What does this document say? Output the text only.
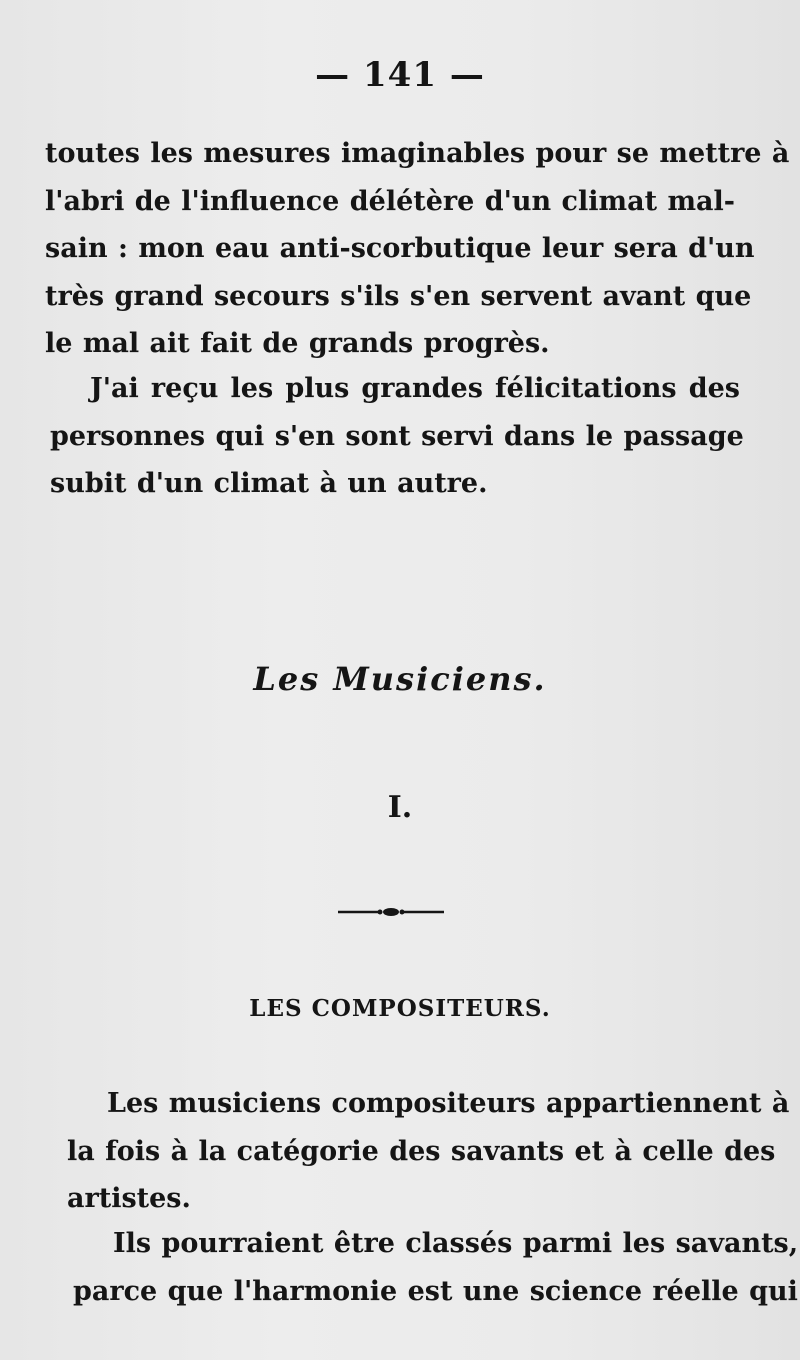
— 141 —
toutes les mesures imaginables pour se mettre à
l'abri de l'influence délétère d'un climat mal-
sain : mon eau anti-scorbutique leur sera d'un
très grand secours s'ils s'en servent avant que
le mal ait fait de grands progrès.
J'ai reçu les plus grandes félicitations des
personnes qui s'en sont servi dans le passage
subit d'un climat à un autre.
Les Musiciens.
I.
LES COMPOSITEURS.
Les musiciens compositeurs appartiennent à
la fois à la catégorie des savants et à celle des
artistes.
Ils pourraient être classés parmi les savants,
parce que l'harmonie est une science réelle qui
